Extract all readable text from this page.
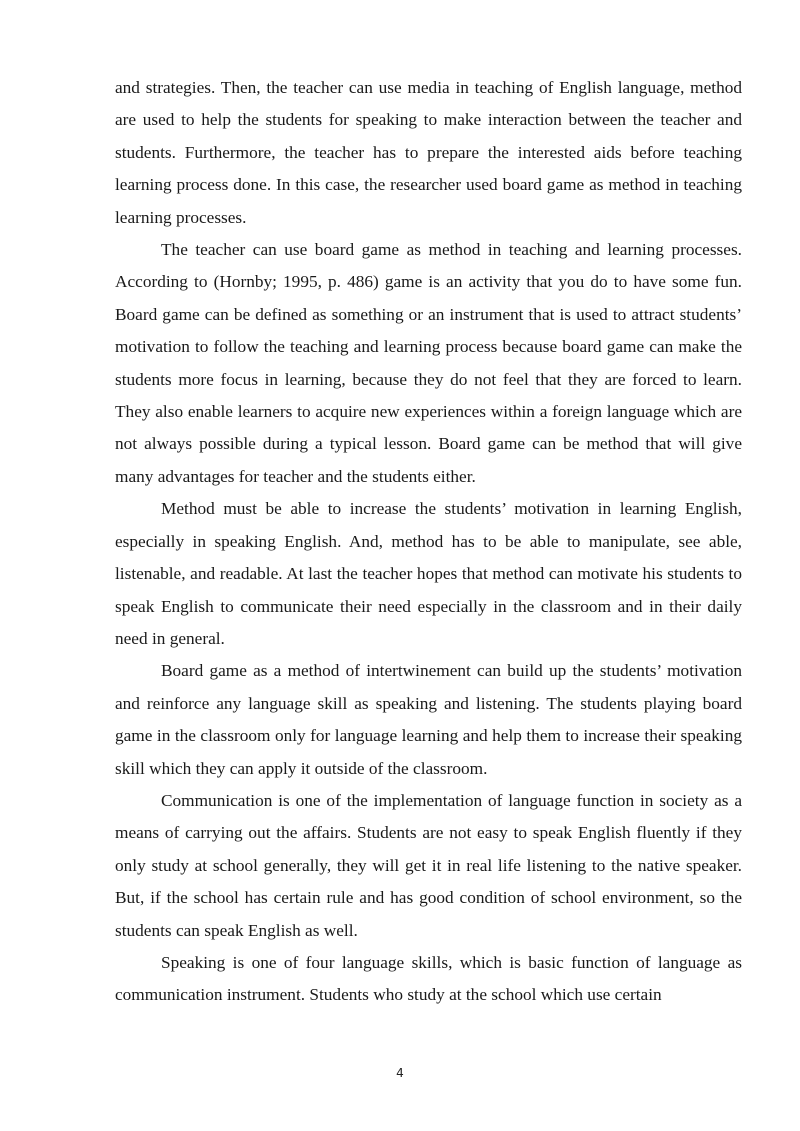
and strategies. Then, the teacher can use media in teaching of English language, method are used to help the students for speaking to make interaction between the teacher and students. Furthermore, the teacher has to prepare the interested aids before teaching learning process done. In this case, the researcher used board game as method in teaching learning processes.

The teacher can use board game as method in teaching and learning processes. According to (Hornby; 1995, p. 486) game is an activity that you do to have some fun. Board game can be defined as something or an instrument that is used to attract students’ motivation to follow the teaching and learning process because board game can make the students more focus in learning, because they do not feel that they are forced to learn. They also enable learners to acquire new experiences within a foreign language which are not always possible during a typical lesson. Board game can be method that will give many advantages for teacher and the students either.

Method must be able to increase the students’ motivation in learning English, especially in speaking English. And, method has to be able to manipulate, see able, listenable, and readable. At last the teacher hopes that method can motivate his students to speak English to communicate their need especially in the classroom and in their daily need in general.

Board game as a method of intertwinement can build up the students’ motivation and reinforce any language skill as speaking and listening. The students playing board game in the classroom only for language learning and help them to increase their speaking skill which they can apply it outside of the classroom.

Communication is one of the implementation of language function in society as a means of carrying out the affairs. Students are not easy to speak English fluently if they only study at school generally, they will get it in real life listening to the native speaker. But, if the school has certain rule and has good condition of school environment, so the students can speak English as well.

Speaking is one of four language skills, which is basic function of language as communication instrument. Students who study at the school which use certain

4
